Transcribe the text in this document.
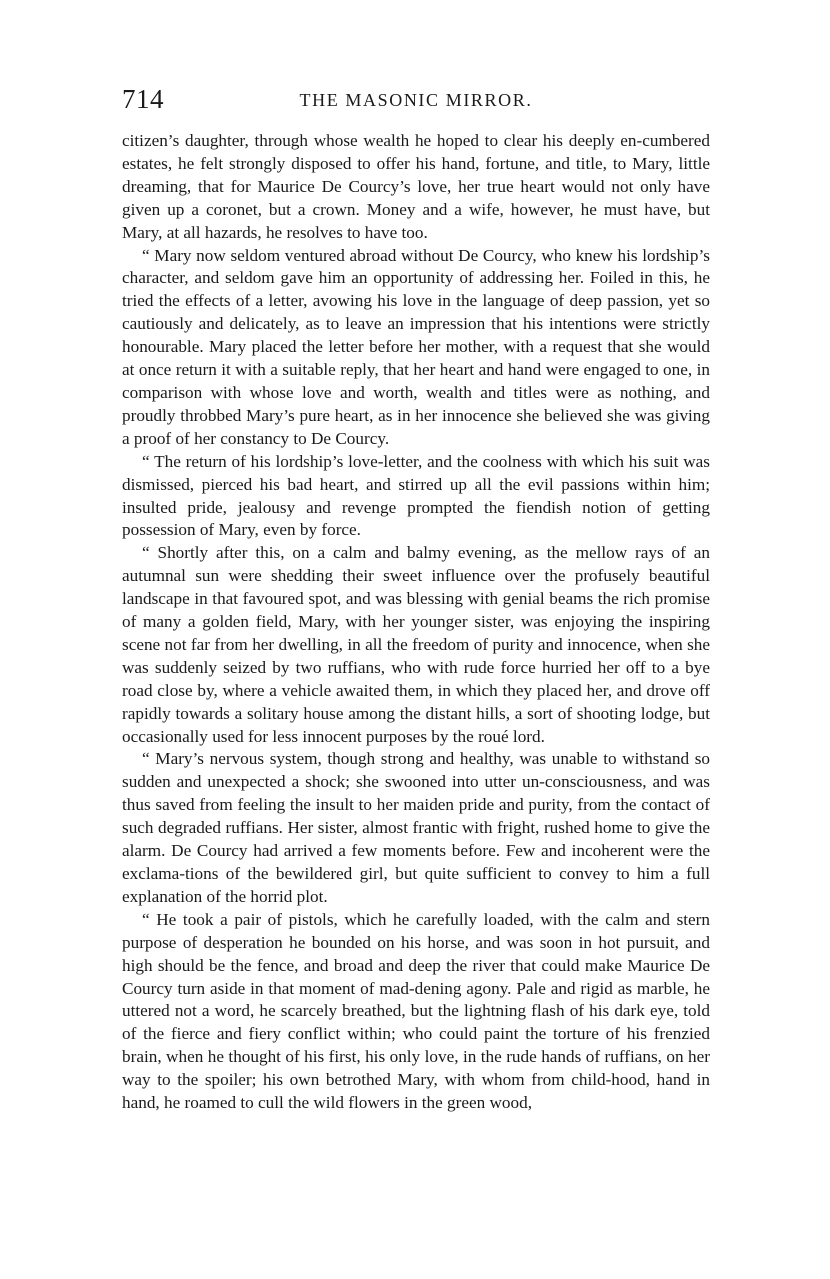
714	THE MASONIC MIRROR.

citizen’s daughter, through whose wealth he hoped to clear his deeply en-cumbered estates, he felt strongly disposed to offer his hand, fortune, and title, to Mary, little dreaming, that for Maurice De Courcy’s love, her true heart would not only have given up a coronet, but a crown. Money and a wife, however, he must have, but Mary, at all hazards, he resolves to have too.

“ Mary now seldom ventured abroad without De Courcy, who knew his lordship’s character, and seldom gave him an opportunity of addressing her. Foiled in this, he tried the effects of a letter, avowing his love in the language of deep passion, yet so cautiously and delicately, as to leave an impression that his intentions were strictly honourable. Mary placed the letter before her mother, with a request that she would at once return it with a suitable reply, that her heart and hand were engaged to one, in comparison with whose love and worth, wealth and titles were as nothing, and proudly throbbed Mary’s pure heart, as in her innocence she believed she was giving a proof of her constancy to De Courcy.

“ The return of his lordship’s love-letter, and the coolness with which his suit was dismissed, pierced his bad heart, and stirred up all the evil passions within him; insulted pride, jealousy and revenge prompted the fiendish notion of getting possession of Mary, even by force.

“ Shortly after this, on a calm and balmy evening, as the mellow rays of an autumnal sun were shedding their sweet influence over the profusely beautiful landscape in that favoured spot, and was blessing with genial beams the rich promise of many a golden field, Mary, with her younger sister, was enjoying the inspiring scene not far from her dwelling, in all the freedom of purity and innocence, when she was suddenly seized by two ruffians, who with rude force hurried her off to a bye road close by, where a vehicle awaited them, in which they placed her, and drove off rapidly towards a solitary house among the distant hills, a sort of shooting lodge, but occasionally used for less innocent purposes by the roué lord.

“ Mary’s nervous system, though strong and healthy, was unable to withstand so sudden and unexpected a shock; she swooned into utter un-consciousness, and was thus saved from feeling the insult to her maiden pride and purity, from the contact of such degraded ruffians. Her sister, almost frantic with fright, rushed home to give the alarm. De Courcy had arrived a few moments before. Few and incoherent were the exclama-tions of the bewildered girl, but quite sufficient to convey to him a full explanation of the horrid plot.

“ He took a pair of pistols, which he carefully loaded, with the calm and stern purpose of desperation he bounded on his horse, and was soon in hot pursuit, and high should be the fence, and broad and deep the river that could make Maurice De Courcy turn aside in that moment of mad-dening agony. Pale and rigid as marble, he uttered not a word, he scarcely breathed, but the lightning flash of his dark eye, told of the fierce and fiery conflict within; who could paint the torture of his frenzied brain, when he thought of his first, his only love, in the rude hands of ruffians, on her way to the spoiler; his own betrothed Mary, with whom from child-hood, hand in hand, he roamed to cull the wild flowers in the green wood,
